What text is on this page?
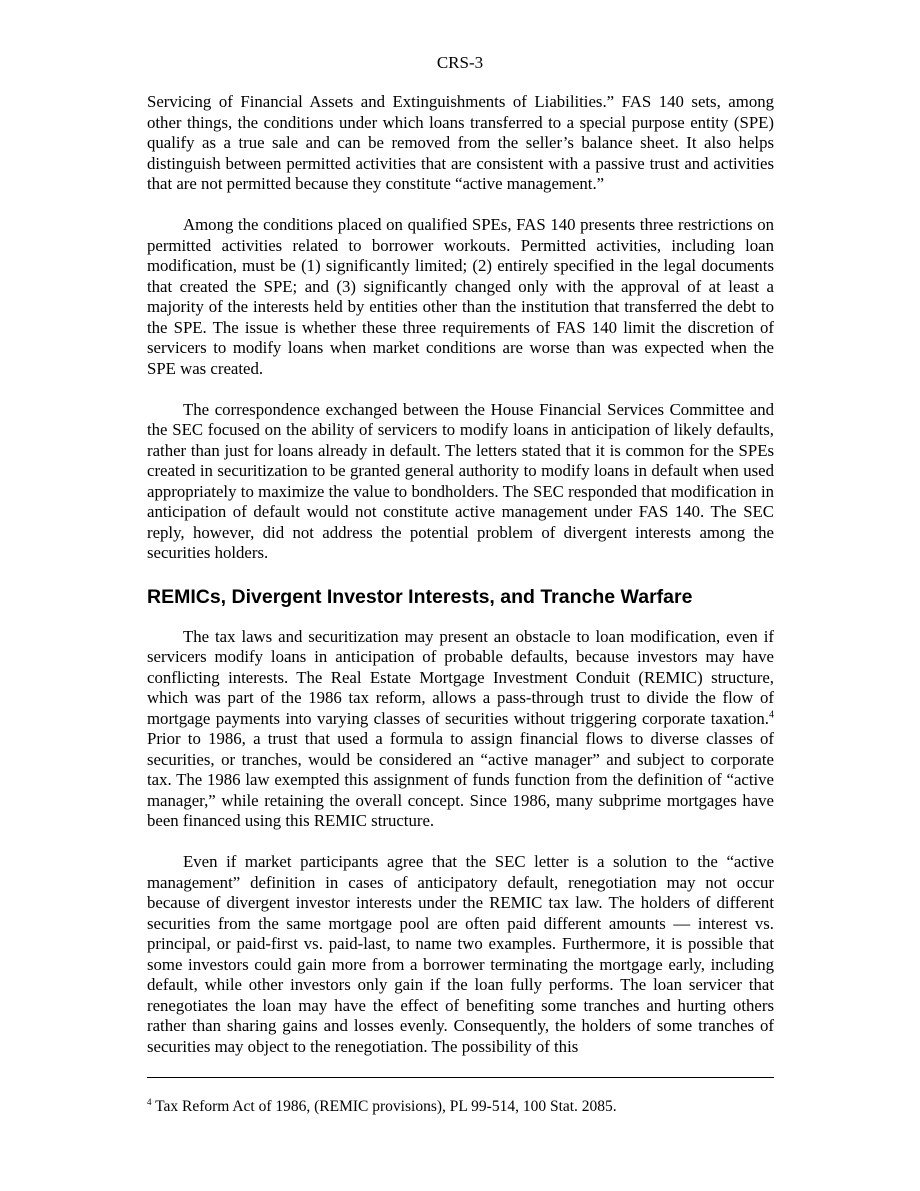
CRS-3

Servicing of Financial Assets and Extinguishments of Liabilities.” FAS 140 sets, among other things, the conditions under which loans transferred to a special purpose entity (SPE) qualify as a true sale and can be removed from the seller’s balance sheet. It also helps distinguish between permitted activities that are consistent with a passive trust and activities that are not permitted because they constitute “active management.”

Among the conditions placed on qualified SPEs, FAS 140 presents three restrictions on permitted activities related to borrower workouts. Permitted activities, including loan modification, must be (1) significantly limited; (2) entirely specified in the legal documents that created the SPE; and (3) significantly changed only with the approval of at least a majority of the interests held by entities other than the institution that transferred the debt to the SPE. The issue is whether these three requirements of FAS 140 limit the discretion of servicers to modify loans when market conditions are worse than was expected when the SPE was created.

The correspondence exchanged between the House Financial Services Committee and the SEC focused on the ability of servicers to modify loans in anticipation of likely defaults, rather than just for loans already in default. The letters stated that it is common for the SPEs created in securitization to be granted general authority to modify loans in default when used appropriately to maximize the value to bondholders. The SEC responded that modification in anticipation of default would not constitute active management under FAS 140. The SEC reply, however, did not address the potential problem of divergent interests among the securities holders.

REMICs, Divergent Investor Interests, and Tranche Warfare

The tax laws and securitization may present an obstacle to loan modification, even if servicers modify loans in anticipation of probable defaults, because investors may have conflicting interests. The Real Estate Mortgage Investment Conduit (REMIC) structure, which was part of the 1986 tax reform, allows a pass-through trust to divide the flow of mortgage payments into varying classes of securities without triggering corporate taxation.$^4$ Prior to 1986, a trust that used a formula to assign financial flows to diverse classes of securities, or tranches, would be considered an “active manager” and subject to corporate tax. The 1986 law exempted this assignment of funds function from the definition of “active manager,” while retaining the overall concept. Since 1986, many subprime mortgages have been financed using this REMIC structure.

Even if market participants agree that the SEC letter is a solution to the “active management” definition in cases of anticipatory default, renegotiation may not occur because of divergent investor interests under the REMIC tax law. The holders of different securities from the same mortgage pool are often paid different amounts — interest vs. principal, or paid-first vs. paid-last, to name two examples. Furthermore, it is possible that some investors could gain more from a borrower terminating the mortgage early, including default, while other investors only gain if the loan fully performs. The loan servicer that renegotiates the loan may have the effect of benefiting some tranches and hurting others rather than sharing gains and losses evenly. Consequently, the holders of some tranches of securities may object to the renegotiation. The possibility of this

$^4$ Tax Reform Act of 1986, (REMIC provisions), PL 99-514, 100 Stat. 2085.
